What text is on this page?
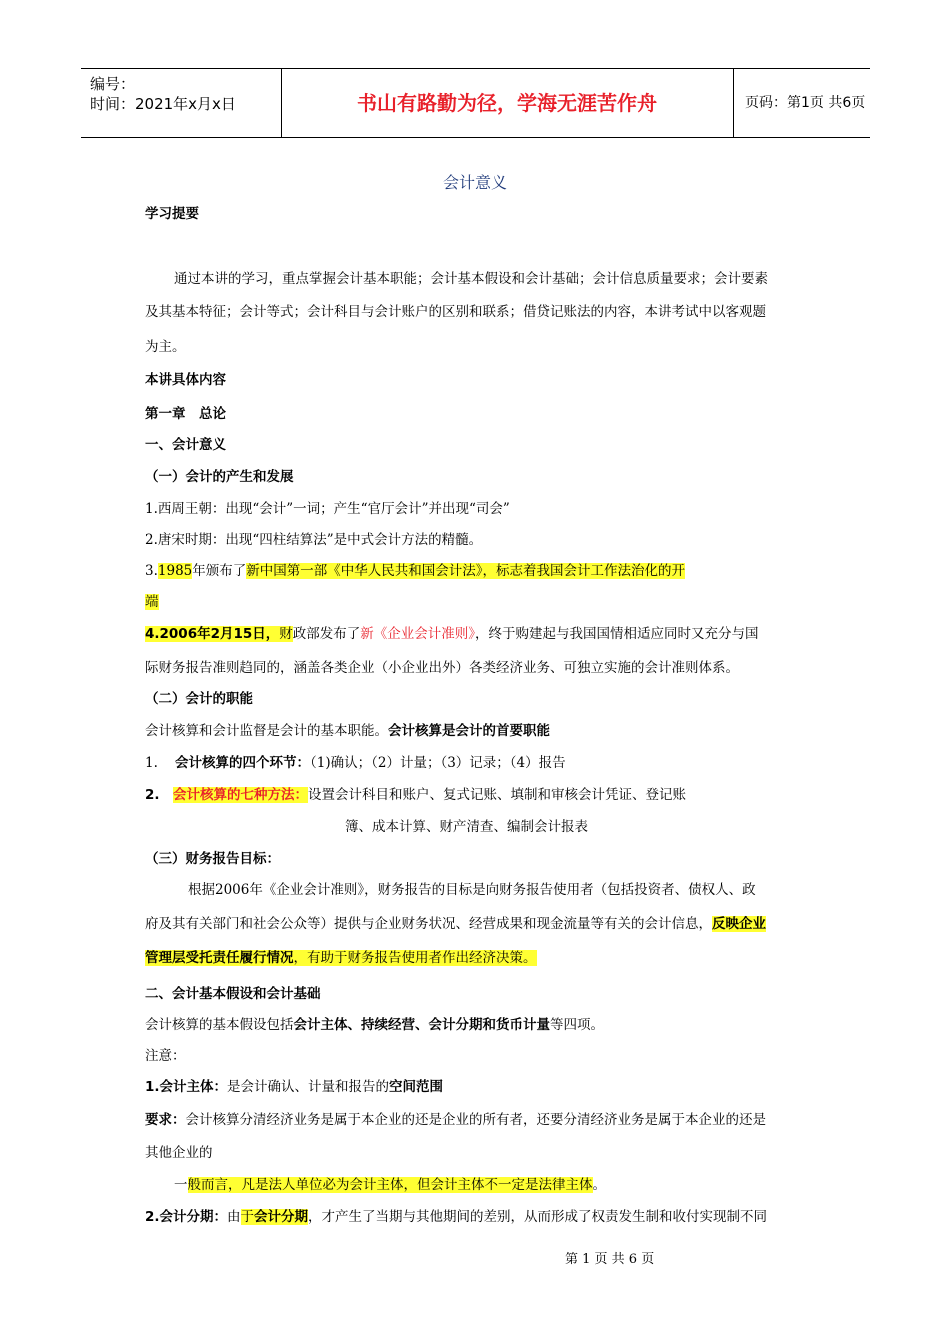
编号：
时间：2021年x月x日	书山有路勤为径，学海无涯苦作舟	页码：第1页 共6页
会计意义
学习提要
通过本讲的学习，重点掌握会计基本职能；会计基本假设和会计基础；会计信息质量要求；会计要素
及其基本特征；会计等式；会计科目与会计账户的区别和联系；借贷记账法的内容，本讲考试中以客观题
为主。
本讲具体内容
第一章　总论
一、会计意义
（一）会计的产生和发展
1.西周王朝：出现“会计”一词；产生“官厅会计”并出现“司会”
2.唐宋时期：出现“四柱结算法”是中式会计方法的精髓。
3.1985年颁布了新中国第一部《中华人民共和国会计法》，标志着我国会计工作法治化的开
端
4.2006年2月15日，财政部发布了新《企业会计准则》，终于购建起与我国国情相适应同时又充分与国
际财务报告准则趋同的，涵盖各类企业（小企业出外）各类经济业务、可独立实施的会计准则体系。
（二）会计的职能
会计核算和会计监督是会计的基本职能。会计核算是会计的首要职能
1. 会计核算的四个环节：（1)确认；（2）计量；（3）记录；（4）报告
2. 会计核算的七种方法：设置会计科目和账户、复式记账、填制和审核会计凭证、登记账
簿、成本计算、财产清查、编制会计报表
（三）财务报告目标：
根据2006年《企业会计准则》，财务报告的目标是向财务报告使用者（包括投资者、债权人、政
府及其有关部门和社会公众等）提供与企业财务状况、经营成果和现金流量等有关的会计信息，反映企业
管理层受托责任履行情况，有助于财务报告使用者作出经济决策。
二、会计基本假设和会计基础
会计核算的基本假设包括会计主体、持续经营、会计分期和货币计量等四项。
注意：
1.会计主体：是会计确认、计量和报告的空间范围
要求：会计核算分清经济业务是属于本企业的还是企业的所有者，还要分清经济业务是属于本企业的还是
其他企业的
一般而言，凡是法人单位必为会计主体，但会计主体不一定是法律主体。
2.会计分期：由于会计分期，才产生了当期与其他期间的差别，从而形成了权责发生制和收付实现制不同
第 1 页 共 6 页
